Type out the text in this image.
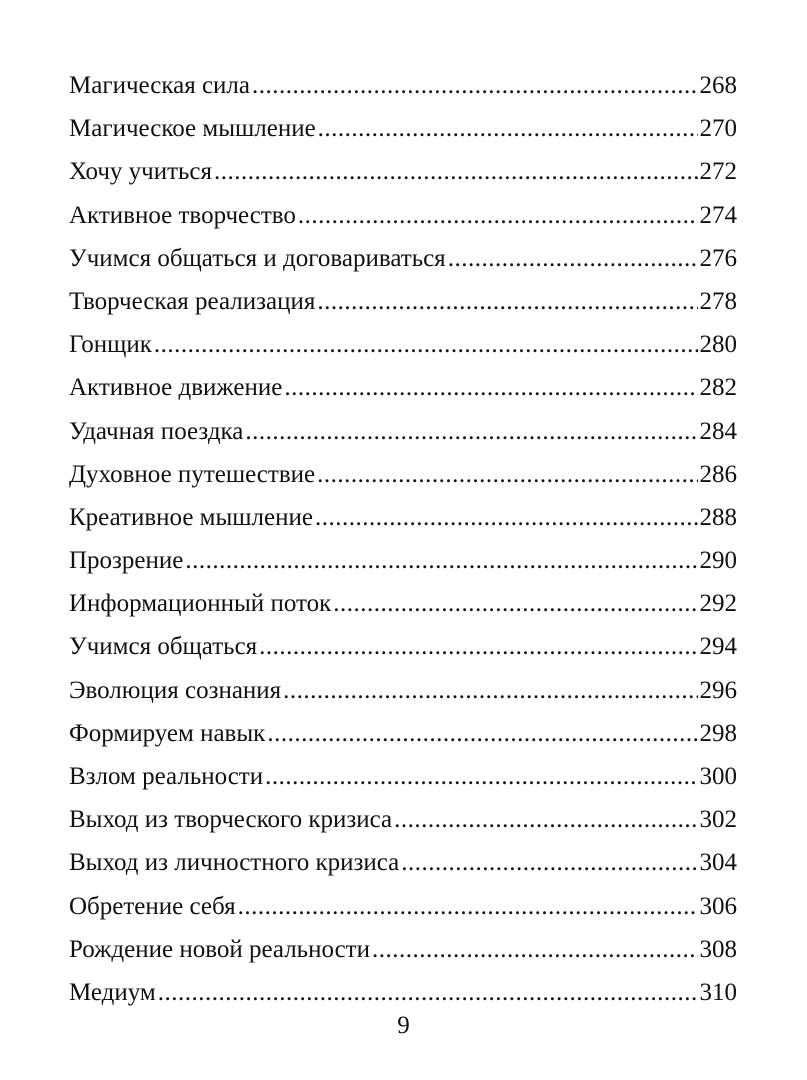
Магическая сила .....	268
Магическое мышление .....	270
Хочу учиться .....	272
Активное творчество .....	274
Учимся общаться и договариваться .....	276
Творческая реализация .....	278
Гонщик .....	280
Активное движение .....	282
Удачная поездка .....	284
Духовное путешествие .....	286
Креативное мышление .....	288
Прозрение .....	290
Информационный поток .....	292
Учимся общаться .....	294
Эволюция сознания .....	296
Формируем навык .....	298
Взлом реальности .....	300
Выход из творческого кризиса .....	302
Выход из личностного кризиса .....	304
Обретение себя .....	306
Рождение новой реальности .....	308
Медиум .....	310
9
